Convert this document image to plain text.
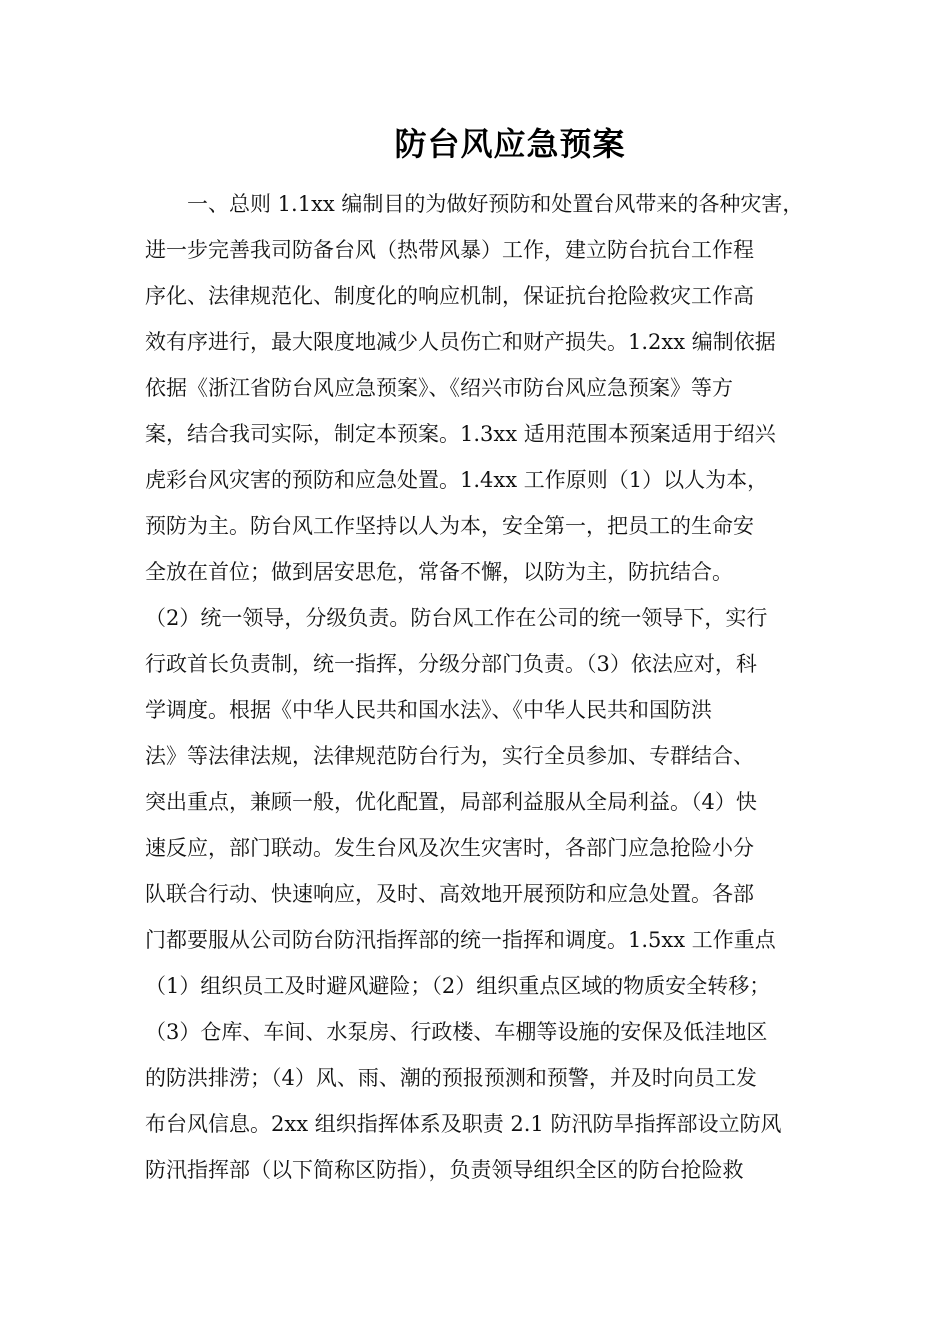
防台风应急预案
　　一、总则 1.1xx 编制目的为做好预防和处置台风带来的各种灾害，
进一步完善我司防备台风（热带风暴）工作，建立防台抗台工作程
序化、法律规范化、制度化的响应机制，保证抗台抢险救灾工作高
效有序进行，最大限度地减少人员伤亡和财产损失。1.2xx 编制依据
依据《浙江省防台风应急预案》、《绍兴市防台风应急预案》等方
案，结合我司实际，制定本预案。1.3xx 适用范围本预案适用于绍兴
虎彩台风灾害的预防和应急处置。1.4xx 工作原则（1）以人为本，
预防为主。防台风工作坚持以人为本，安全第一，把员工的生命安
全放在首位；做到居安思危，常备不懈，以防为主，防抗结合。
（2）统一领导，分级负责。防台风工作在公司的统一领导下，实行
行政首长负责制，统一指挥，分级分部门负责。（3）依法应对，科
学调度。根据《中华人民共和国水法》、《中华人民共和国防洪
法》等法律法规，法律规范防台行为，实行全员参加、专群结合、
突出重点，兼顾一般，优化配置，局部利益服从全局利益。（4）快
速反应，部门联动。发生台风及次生灾害时，各部门应急抢险小分
队联合行动、快速响应，及时、高效地开展预防和应急处置。各部
门都要服从公司防台防汛指挥部的统一指挥和调度。1.5xx 工作重点
（1）组织员工及时避风避险；（2）组织重点区域的物质安全转移；
（3）仓库、车间、水泵房、行政楼、车棚等设施的安保及低洼地区
的防洪排涝；（4）风、雨、潮的预报预测和预警，并及时向员工发
布台风信息。2xx 组织指挥体系及职责 2.1 防汛防旱指挥部设立防风
防汛指挥部（以下简称区防指），负责领导组织全区的防台抢险救
